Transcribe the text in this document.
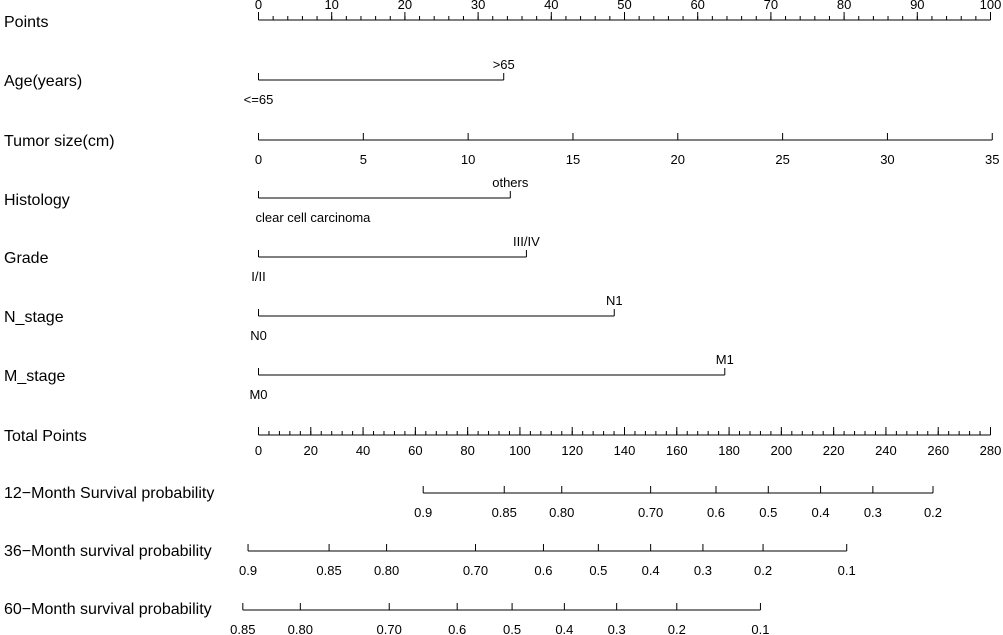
Points
0	10	20	30	40	50	60	70	80	90	100
Age(years)
<=65
>65
Tumor size(cm)
0	5	10	15	20	25	30	35
Histology
clear cell carcinoma
others
Grade
I/II
III/IV
N_stage
N0
N1
M_stage
M0
M1
Total Points
0	20	40	60	80	100 120 140 160 180 200 220 240 260 280
12−Month Survival probability
0.9	0.85 0.80	0.70	0.6	0.5	0.4	0.3	0.2
36−Month survival probability
0.9	0.85 0.80	0.70	0.6	0.5	0.4	0.3	0.2	0.1
60−Month survival probability
0.85 0.80	0.70	0.6	0.5	0.4	0.3	0.2	0.1
